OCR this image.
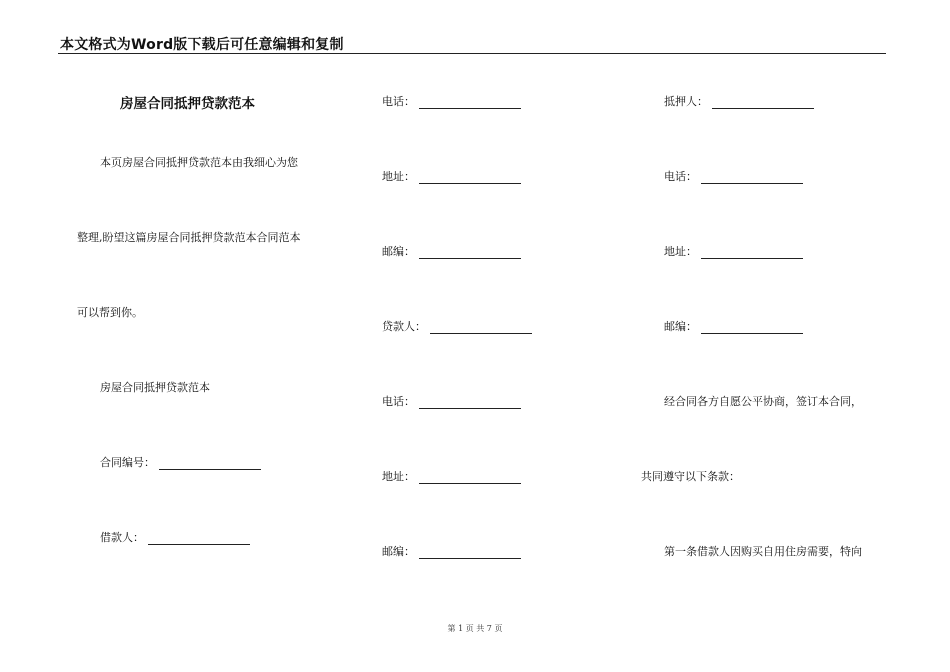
本文格式为Word版下载后可任意编辑和复制
房屋合同抵押贷款范本
本页房屋合同抵押贷款范本由我细心为您
整理,盼望这篇房屋合同抵押贷款范本合同范本
可以帮到你。
房屋合同抵押贷款范本
合同编号：
借款人：
电话：
地址：
邮编：
贷款人：
电话：
地址：
邮编：
抵押人：
电话：
地址：
邮编：
经合同各方自愿公平协商，签订本合同，
共同遵守以下条款：
第一条借款人因购买自用住房需要，特向
第 1 页 共 7 页
